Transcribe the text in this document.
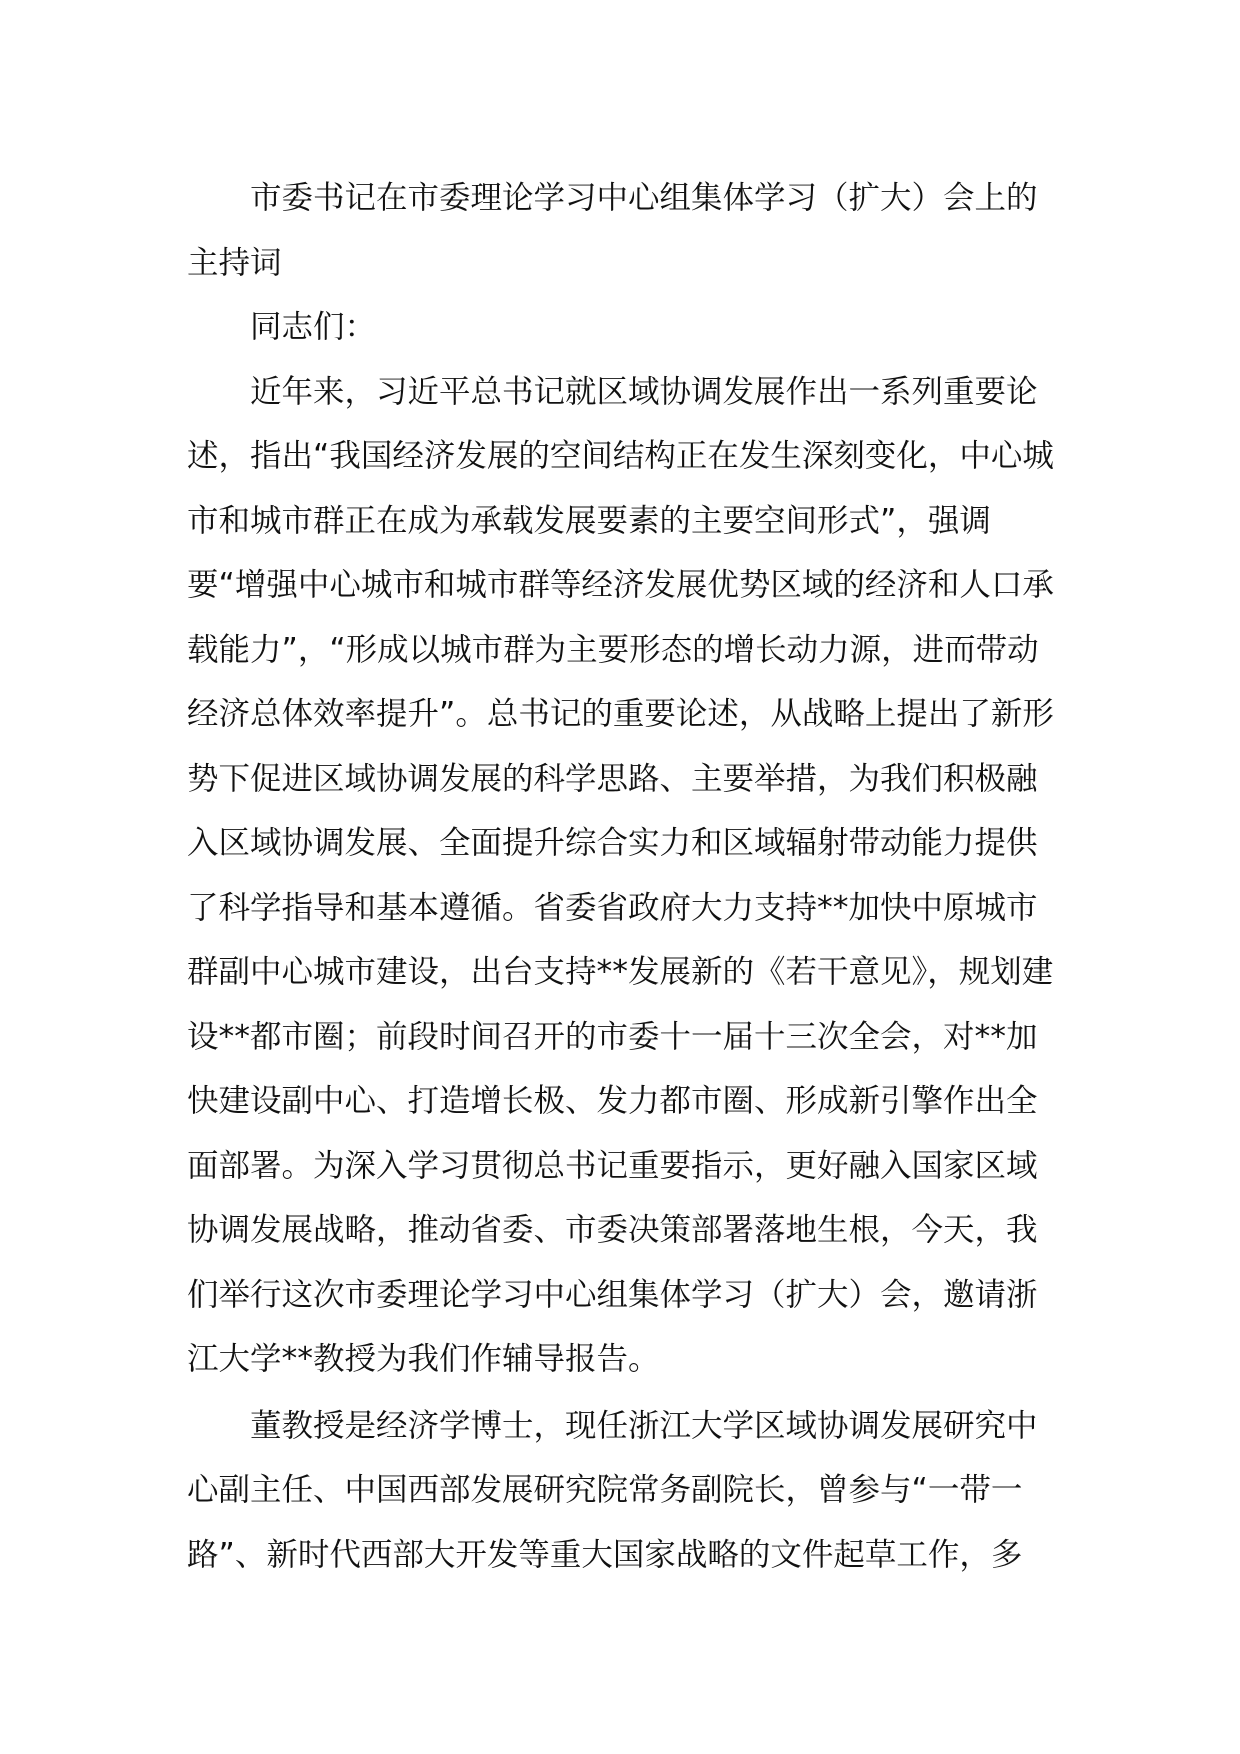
市委书记在市委理论学习中心组集体学习（扩大）会上的主持词

同志们：

近年来，习近平总书记就区域协调发展作出一系列重要论述，指出“我国经济发展的空间结构正在发生深刻变化，中心城市和城市群正在成为承载发展要素的主要空间形式”，强调要“增强中心城市和城市群等经济发展优势区域的经济和人口承载能力”，“形成以城市群为主要形态的增长动力源，进而带动经济总体效率提升”。总书记的重要论述，从战略上提出了新形势下促进区域协调发展的科学思路、主要举措，为我们积极融入区域协调发展、全面提升综合实力和区域辐射带动能力提供了科学指导和基本遵循。省委省政府大力支持**加快中原城市群副中心城市建设，出台支持**发展新的《若干意见》，规划建设**都市圈；前段时间召开的市委十一届十三次全会，对**加快建设副中心、打造增长极、发力都市圈、形成新引擎作出全面部署。为深入学习贯彻总书记重要指示，更好融入国家区域协调发展战略，推动省委、市委决策部署落地生根，今天，我们举行这次市委理论学习中心组集体学习（扩大）会，邀请浙江大学**教授为我们作辅导报告。

董教授是经济学博士，现任浙江大学区域协调发展研究中心副主任、中国西部发展研究院常务副院长，曾参与“一带一路”、新时代西部大开发等重大国家战略的文件起草工作，多
